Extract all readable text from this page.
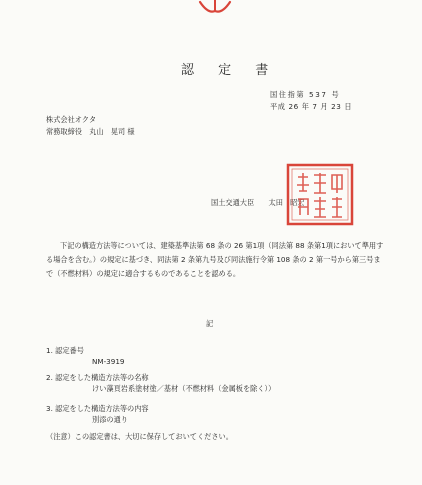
認 定 書
国住指第 537 号
平成 26 年 7 月 23 日
株式会社オクタ
常務取締役　丸山　晃司 様
国土交通大臣　　太田　昭宏
下記の構造方法等については、建築基準法第 68 条の 26 第1項（同法第 88 条第1項において準用する場合を含む。）の規定に基づき、同法第 2 条第九号及び同法施行令第 108 条の 2 第一号から第三号まで（不燃材料）の規定に適合するものであることを認める。
記
1. 認定番号
NM-3919
2. 認定をした構造方法等の名称
けい藻頁岩系塗材塗／基材（不燃材料（金属板を除く））
3. 認定をした構造方法等の内容
別添の通り
（注意）この認定書は、大切に保存しておいてください。
